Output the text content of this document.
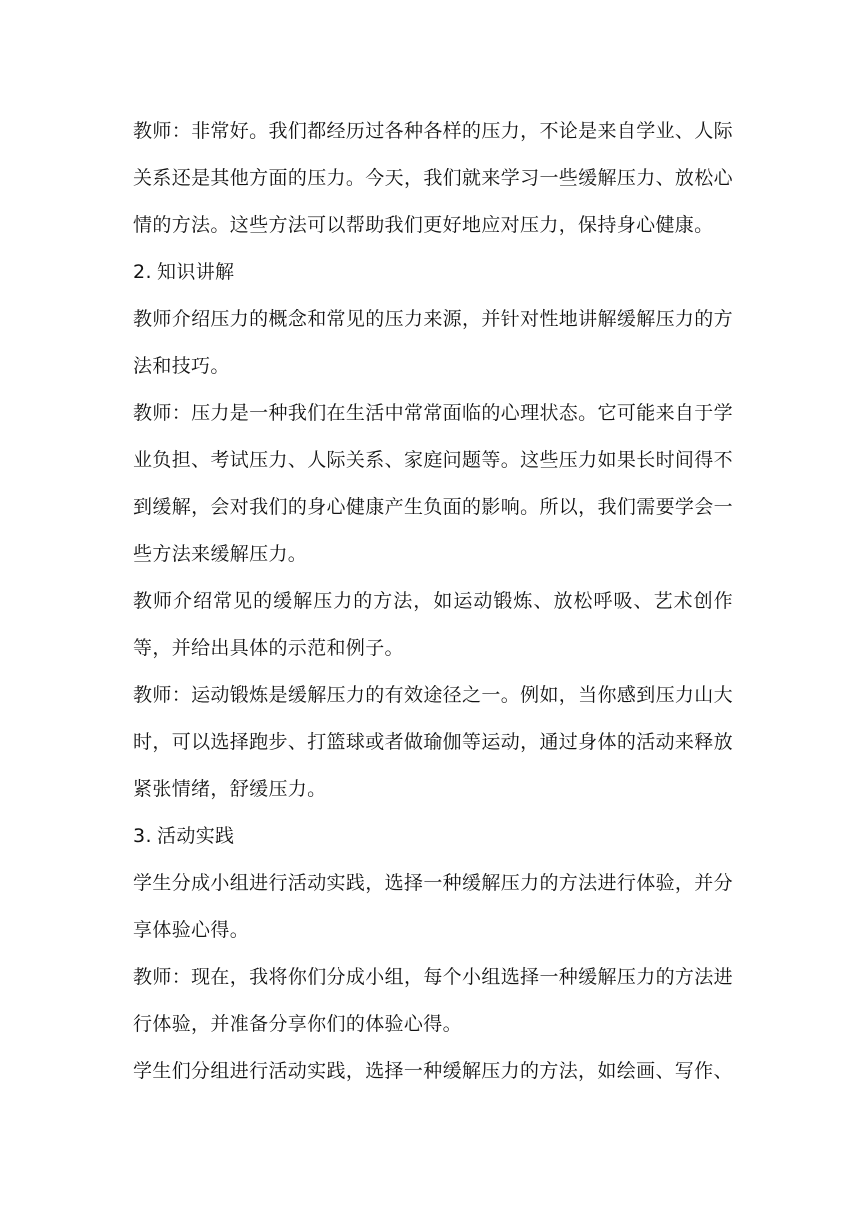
教师：非常好。我们都经历过各种各样的压力，不论是来自学业、人际关系还是其他方面的压力。今天，我们就来学习一些缓解压力、放松心情的方法。这些方法可以帮助我们更好地应对压力，保持身心健康。

2. 知识讲解

教师介绍压力的概念和常见的压力来源，并针对性地讲解缓解压力的方法和技巧。

教师：压力是一种我们在生活中常常面临的心理状态。它可能来自于学业负担、考试压力、人际关系、家庭问题等。这些压力如果长时间得不到缓解，会对我们的身心健康产生负面的影响。所以，我们需要学会一些方法来缓解压力。

教师介绍常见的缓解压力的方法，如运动锻炼、放松呼吸、艺术创作等，并给出具体的示范和例子。

教师：运动锻炼是缓解压力的有效途径之一。例如，当你感到压力山大时，可以选择跑步、打篮球或者做瑜伽等运动，通过身体的活动来释放紧张情绪，舒缓压力。

3. 活动实践

学生分成小组进行活动实践，选择一种缓解压力的方法进行体验，并分享体验心得。

教师：现在，我将你们分成小组，每个小组选择一种缓解压力的方法进行体验，并准备分享你们的体验心得。

学生们分组进行活动实践，选择一种缓解压力的方法，如绘画、写作、
